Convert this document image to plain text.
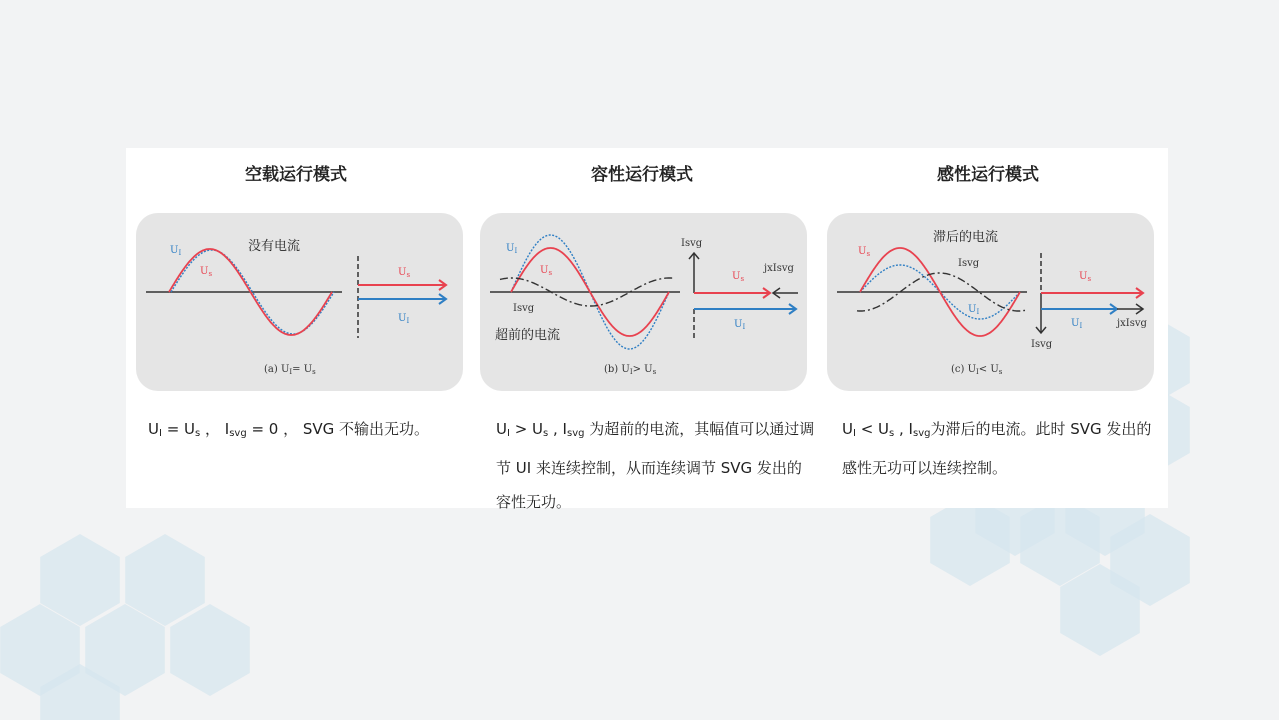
空载运行模式
没有电流
$U_I$
$U_s$	$U_s$
$U_I$
(a) $U_I= U_s$
$U_I = U_s$ ， $I_{svg} = 0$ ， SVG 不输出无功。
容性运行模式
$U_I$
$U_s$
Isvg
超前的电流
Isvg
$U_s$
jxIsvg
$U_I$
(b) $U_I> U_s$
$U_I > U_s$ , $I_{svg}$ 为超前的电流，其幅值可以通过调节 UI 来连续控制，从而连续调节 SVG 发出的容性无功。
感性运行模式
滞后的电流
$U_s$
Isvg
$U_I$
Isvg
$U_s$
$U_I$	jxIsvg
(c) $U_I< U_s$
$U_I < U_s$ , $I_{svg}$为滞后的电流。此时 SVG 发出的感性无功可以连续控制。
